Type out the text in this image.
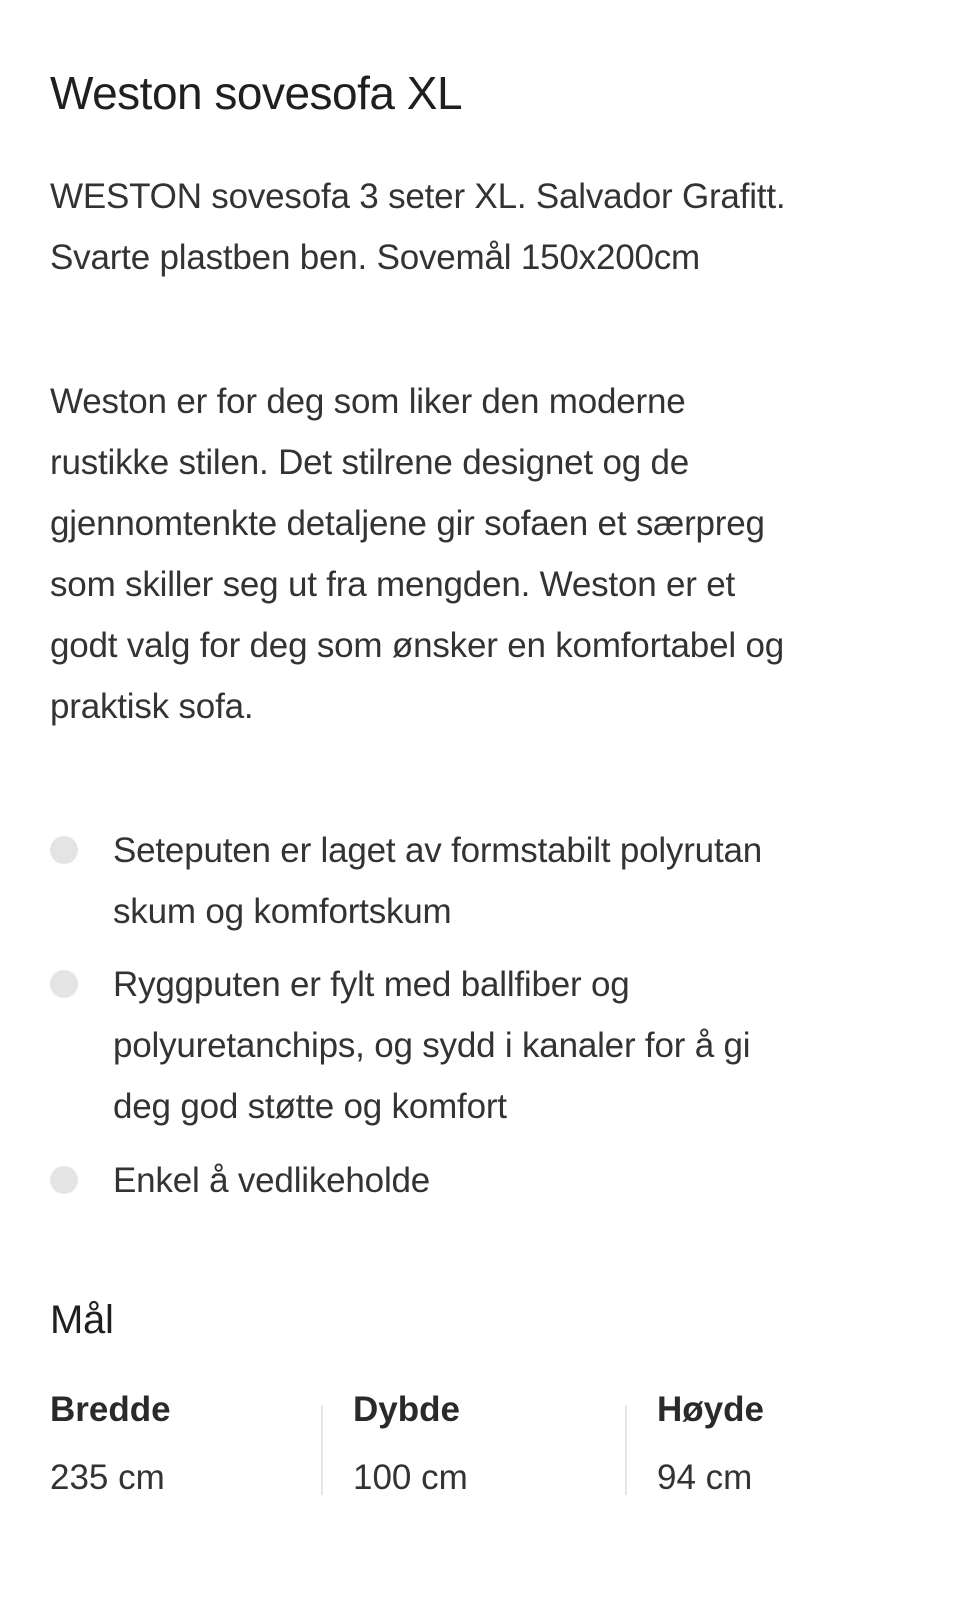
Weston sovesofa XL

WESTON sovesofa 3 seter XL. Salvador Grafitt.
Svarte plastben ben. Sovemål 150x200cm

Weston er for deg som liker den moderne
rustikke stilen. Det stilrene designet og de
gjennomtenkte detaljene gir sofaen et særpreg
som skiller seg ut fra mengden. Weston er et
godt valg for deg som ønsker en komfortabel og
praktisk sofa.

Seteputen er laget av formstabilt polyrutan
skum og komfortskum
Ryggputen er fylt med ballfiber og
polyuretanchips, og sydd i kanaler for å gi
deg god støtte og komfort
Enkel å vedlikeholde
Mål
Bredde
235 cm
Dybde
100 cm
Høyde
94 cm
